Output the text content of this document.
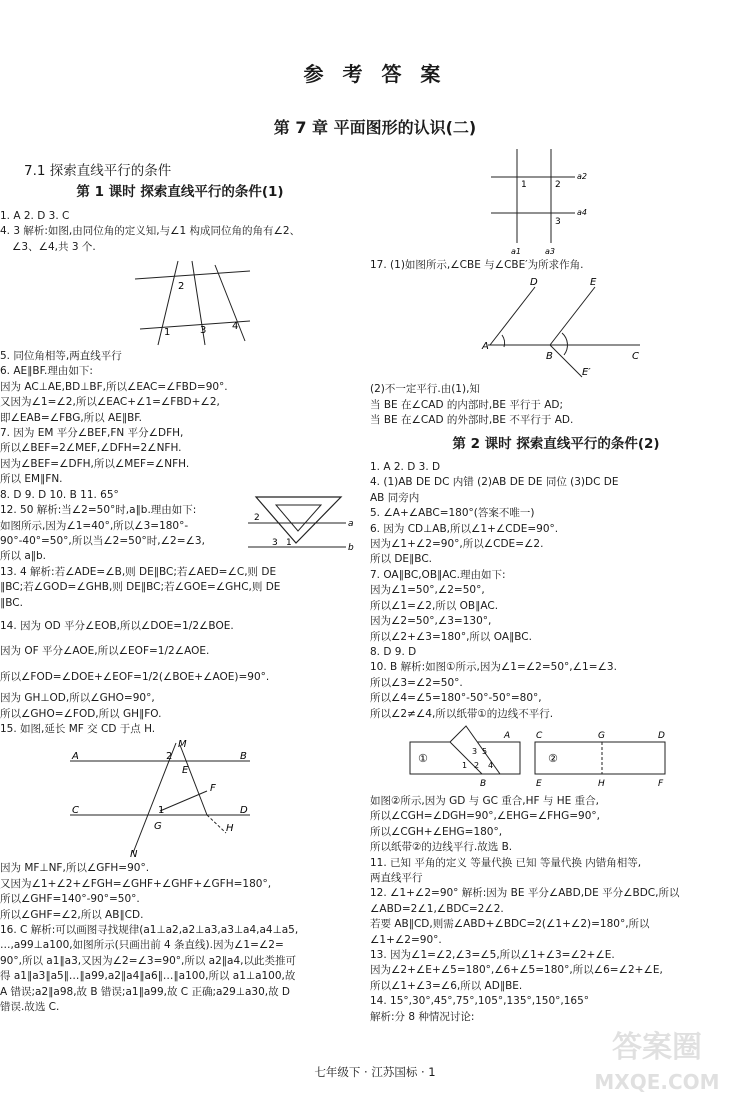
参 考 答 案
第 7 章 平面图形的认识(二)

7.1 探索直线平行的条件

第 1 课时 探索直线平行的条件(1)

1. A 2. D 3. C

4. 3 解析:如图,由同位角的定义知,与∠1 构成同位角的角有∠2、

∠3、∠4,共 3 个.

2
1	3	4

5. 同位角相等,两直线平行

6. AE∥BF.理由如下:

因为 AC⊥AE,BD⊥BF,所以∠EAC=∠FBD=90°.

又因为∠1=∠2,所以∠EAC+∠1=∠FBD+∠2,

即∠EAB=∠FBG,所以 AE∥BF.

7. 因为 EM 平分∠BEF,FN 平分∠DFH,

所以∠BEF=2∠MEF,∠DFH=2∠NFH.

因为∠BEF=∠DFH,所以∠MEF=∠NFH.

所以 EM∥FN.

8. D 9. D 10. B 11. 65°

12. 50 解析:当∠2=50°时,a∥b.理由如下:

如图所示,因为∠1=40°,所以∠3=180°-

90°-40°=50°,所以当∠2=50°时,∠2=∠3,

所以 a∥b.

a
b
2
3 1

13. 4 解析:若∠ADE=∠B,则 DE∥BC;若∠AED=∠C,则 DE

∥BC;若∠GOD=∠GHB,则 DE∥BC;若∠GOE=∠GHC,则 DE

∥BC.

14. 因为 OD 平分∠EOB,所以∠DOE=1/2∠BOE.

因为 OF 平分∠AOE,所以∠EOF=1/2∠AOE.

所以∠FOD=∠DOE+∠EOF=1/2(∠BOE+∠AOE)=90°.

因为 GH⊥OD,所以∠GHO=90°,

所以∠GHO=∠FOD,所以 GH∥FO.

15. 如图,延长 MF 交 CD 于点 H.

M
A	B
2
E
F
1
C	D
G	H
N

因为 MF⊥NF,所以∠GFH=90°.

又因为∠1+∠2+∠FGH=∠GHF+∠GHF+∠GFH=180°,

所以∠GHF=140°-90°=50°.

所以∠GHF=∠2,所以 AB∥CD.

16. C 解析:可以画图寻找规律(a1⊥a2,a2⊥a3,a3⊥a4,a4⊥a5,

…,a99⊥a100,如图所示(只画出前 4 条直线).因为∠1=∠2=

90°,所以 a1∥a3,又因为∠2=∠3=90°,所以 a2∥a4,以此类推可

得 a1∥a3∥a5∥…∥a99,a2∥a4∥a6∥…∥a100,所以 a1⊥a100,故

A 错误;a2∥a98,故 B 错误;a1∥a99,故 C 正确;a29⊥a30,故 D

错误.故选 C.

1	2
3
a2
a4
a1	a3

17. (1)如图所示,∠CBE 与∠CBE′为所求作角.

D	E
A
B	C
E′

(2)不一定平行.由(1),知

当 BE 在∠CAD 的内部时,BE 平行于 AD;

当 BE 在∠CAD 的外部时,BE 不平行于 AD.

第 2 课时 探索直线平行的条件(2)

1. A 2. D 3. D

4. (1)AB DE DC 内错 (2)AB DE DE 同位 (3)DC DE

AB 同旁内

5. ∠A+∠ABC=180°(答案不唯一)

6. 因为 CD⊥AB,所以∠1+∠CDE=90°.

因为∠1+∠2=90°,所以∠CDE=∠2.

所以 DE∥BC.

7. OA∥BC,OB∥AC.理由如下:

因为∠1=50°,∠2=50°,

所以∠1=∠2,所以 OB∥AC.

因为∠2=50°,∠3=130°,

所以∠2+∠3=180°,所以 OA∥BC.

8. D 9. D

10. B 解析:如图①所示,因为∠1=∠2=50°,∠1=∠3.

所以∠3=∠2=50°.

所以∠4=∠5=180°-50°-50°=80°,

所以∠2≠∠4,所以纸带①的边线不平行.

①	②
A
B
3 5
2 4
1
C	G	D
E	H	F

如图②所示,因为 GD 与 GC 重合,HF 与 HE 重合,

所以∠CGH=∠DGH=90°,∠EHG=∠FHG=90°,

所以∠CGH+∠EHG=180°,

所以纸带②的边线平行.故选 B.

11. 已知 平角的定义 等量代换 已知 等量代换 内错角相等,

两直线平行

12. ∠1+∠2=90° 解析:因为 BE 平分∠ABD,DE 平分∠BDC,所以

∠ABD=2∠1,∠BDC=2∠2.

若要 AB∥CD,则需∠ABD+∠BDC=2(∠1+∠2)=180°,所以

∠1+∠2=90°.

13. 因为∠1=∠2,∠3=∠5,所以∠1+∠3=∠2+∠E.

因为∠2+∠E+∠5=180°,∠6+∠5=180°,所以∠6=∠2+∠E,

所以∠1+∠3=∠6,所以 AD∥BE.

14. 15°,30°,45°,75°,105°,135°,150°,165°

解析:分 8 种情况讨论:

七年级下 · 江苏国标 · 1
答案圈
MXQE.COM
